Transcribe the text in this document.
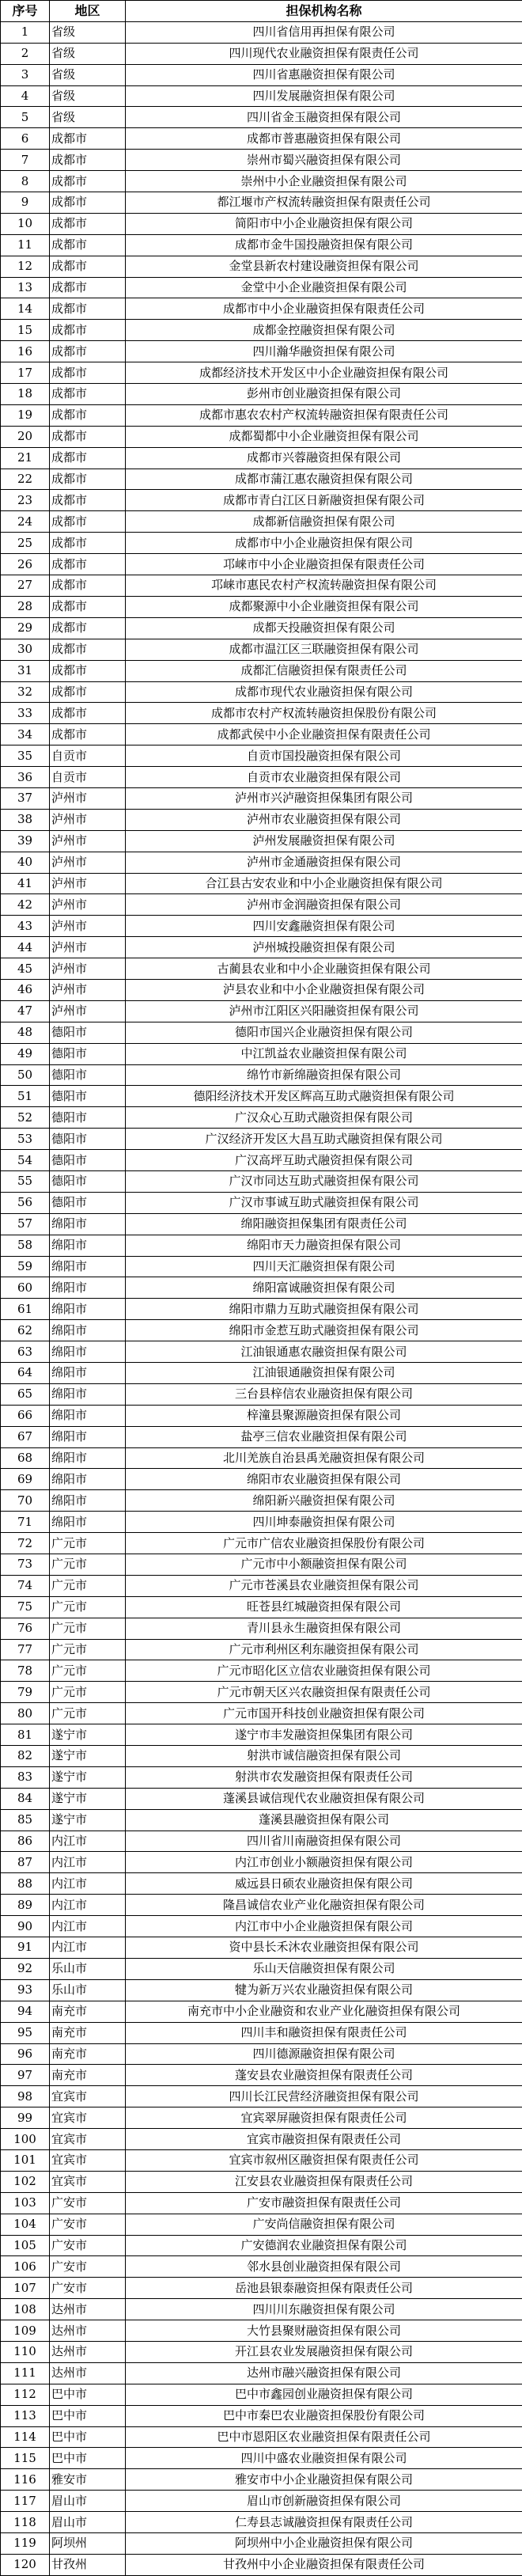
序号	地区	担保机构名称
1	省级	四川省信用再担保有限公司
2	省级	四川现代农业融资担保有限责任公司
3	省级	四川省惠融资担保有限公司
4	省级	四川发展融资担保有限公司
5	省级	四川省金玉融资担保有限公司
6	成都市	成都市普惠融资担保有限公司
7	成都市	崇州市蜀兴融资担保有限公司
8	成都市	崇州中小企业融资担保有限公司
9	成都市	都江堰市产权流转融资担保有限责任公司
10	成都市	简阳市中小企业融资担保有限公司
11	成都市	成都市金牛国投融资担保有限公司
12	成都市	金堂县新农村建设融资担保有限公司
13	成都市	金堂中小企业融资担保有限公司
14	成都市	成都市中小企业融资担保有限责任公司
15	成都市	成都金控融资担保有限公司
16	成都市	四川瀚华融资担保有限公司
17	成都市	成都经济技术开发区中小企业融资担保有限公司
18	成都市	彭州市创业融资担保有限公司
19	成都市	成都市惠农农村产权流转融资担保有限责任公司
20	成都市	成都蜀都中小企业融资担保有限公司
21	成都市	成都市兴蓉融资担保有限公司
22	成都市	成都市蒲江惠农融资担保有限公司
23	成都市	成都市青白江区日新融资担保有限公司
24	成都市	成都新信融资担保有限公司
25	成都市	成都市中小企业融资担保有限公司
26	成都市	邛崃市中小企业融资担保有限责任公司
27	成都市	邛崃市惠民农村产权流转融资担保有限公司
28	成都市	成都聚源中小企业融资担保有限公司
29	成都市	成都天投融资担保有限公司
30	成都市	成都市温江区三联融资担保有限公司
31	成都市	成都汇信融资担保有限责任公司
32	成都市	成都市现代农业融资担保有限公司
33	成都市	成都市农村产权流转融资担保股份有限公司
34	成都市	成都武侯中小企业融资担保有限责任公司
35	自贡市	自贡市国投融资担保有限公司
36	自贡市	自贡市农业融资担保有限公司
37	泸州市	泸州市兴泸融资担保集团有限公司
38	泸州市	泸州市农业融资担保有限公司
39	泸州市	泸州发展融资担保有限公司
40	泸州市	泸州市金通融资担保有限公司
41	泸州市	合江县古安农业和中小企业融资担保有限公司
42	泸州市	泸州市金润融资担保有限公司
43	泸州市	四川安鑫融资担保有限公司
44	泸州市	泸州城投融资担保有限公司
45	泸州市	古蔺县农业和中小企业融资担保有限公司
46	泸州市	泸县农业和中小企业融资担保有限公司
47	泸州市	泸州市江阳区兴阳融资担保有限公司
48	德阳市	德阳市国兴企业融资担保有限公司
49	德阳市	中江凯益农业融资担保有限公司
50	德阳市	绵竹市新绵融资担保有限公司
51	德阳市	德阳经济技术开发区辉高互助式融资担保有限公司
52	德阳市	广汉众心互助式融资担保有限公司
53	德阳市	广汉经济开发区大昌互助式融资担保有限公司
54	德阳市	广汉高坪互助式融资担保有限公司
55	德阳市	广汉市同达互助式融资担保有限公司
56	德阳市	广汉市事诚互助式融资担保有限公司
57	绵阳市	绵阳融资担保集团有限责任公司
58	绵阳市	绵阳市天力融资担保有限公司
59	绵阳市	四川天汇融资担保有限公司
60	绵阳市	绵阳富诚融资担保有限公司
61	绵阳市	绵阳市鼎力互助式融资担保有限公司
62	绵阳市	绵阳市金惹互助式融资担保有限公司
63	绵阳市	江油银通惠农融资担保有限公司
64	绵阳市	江油银通融资担保有限公司
65	绵阳市	三台县梓信农业融资担保有限公司
66	绵阳市	梓潼县聚源融资担保有限公司
67	绵阳市	盐亭三信农业融资担保有限公司
68	绵阳市	北川羌族自治县禹羌融资担保有限公司
69	绵阳市	绵阳市农业融资担保有限公司
70	绵阳市	绵阳新兴融资担保有限公司
71	绵阳市	四川坤泰融资担保有限公司
72	广元市	广元市广信农业融资担保股份有限公司
73	广元市	广元市中小额融资担保有限公司
74	广元市	广元市苍溪县农业融资担保有限公司
75	广元市	旺苍县红城融资担保有限公司
76	广元市	青川县永生融资担保有限公司
77	广元市	广元市利州区利东融资担保有限公司
78	广元市	广元市昭化区立信农业融资担保有限公司
79	广元市	广元市朝天区兴农融资担保有限责任公司
80	广元市	广元市国开科技创业融资担保有限公司
81	遂宁市	遂宁市丰发融资担保集团有限公司
82	遂宁市	射洪市诚信融资担保有限公司
83	遂宁市	射洪市农发融资担保有限责任公司
84	遂宁市	蓬溪县诚信现代农业融资担保有限公司
85	遂宁市	蓬溪县融资担保有限公司
86	内江市	四川省川南融资担保有限公司
87	内江市	内江市创业小额融资担保有限公司
88	内江市	威远县日硕农业融资担保有限公司
89	内江市	隆昌诚信农业产业化融资担保有限公司
90	内江市	内江市中小企业融资担保有限公司
91	内江市	资中县长禾沐农业融资担保有限公司
92	乐山市	乐山天信融资担保有限公司
93	乐山市	犍为新万兴农业融资担保有限公司
94	南充市	南充市中小企业融资和农业产业化融资担保有限公司
95	南充市	四川丰和融资担保有限责任公司
96	南充市	四川德源融资担保有限公司
97	南充市	蓬安县农业融资担保有限责任公司
98	宜宾市	四川长江民营经济融资担保有限公司
99	宜宾市	宜宾翠屏融资担保有限责任公司
100	宜宾市	宜宾市融资担保有限责任公司
101	宜宾市	宜宾市叙州区融资担保有限责任公司
102	宜宾市	江安县农业融资担保有限责任公司
103	广安市	广安市融资担保有限责任公司
104	广安市	广安尚信融资担保有限公司
105	广安市	广安德润农业融资担保有限公司
106	广安市	邻水县创业融资担保有限公司
107	广安市	岳池县银泰融资担保有限责任公司
108	达州市	四川川东融资担保有限公司
109	达州市	大竹县聚财融资担保有限公司
110	达州市	开江县农业发展融资担保有限公司
111	达州市	达州市融兴融资担保有限公司
112	巴中市	巴中市鑫园创业融资担保有限公司
113	巴中市	巴中市秦巴农业融资担保股份有限公司
114	巴中市	巴中市恩阳区农业融资担保有限责任公司
115	巴中市	四川中盛农业融资担保有限公司
116	雅安市	雅安市中小企业融资担保有限公司
117	眉山市	眉山市创新融资担保有限公司
118	眉山市	仁寿县志诚融资担保有限责任公司
119	阿坝州	阿坝州中小企业融资担保有限公司
120	甘孜州	甘孜州中小企业融资担保有限责任公司
